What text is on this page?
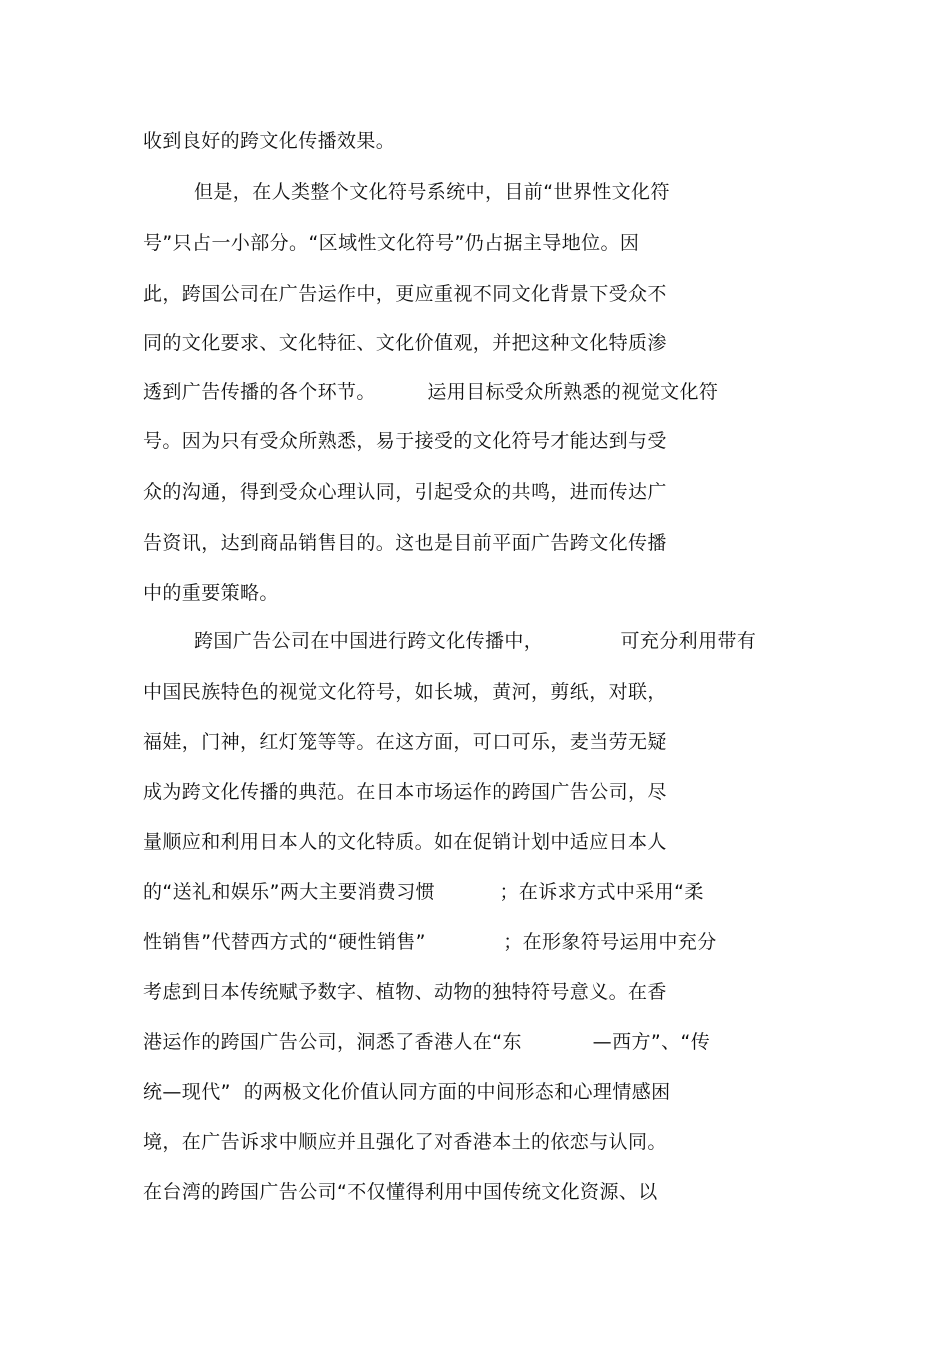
收到良好的跨文化传播效果。
但是，在人类整个文化符号系统中，目前“世界性文化符
号”只占一小部分。“区域性文化符号”仍占据主导地位。因
此，跨国公司在广告运作中，更应重视不同文化背景下受众不
同的文化要求、文化特征、文化价值观，并把这种文化特质渗
透到广告传播的各个环节。        运用目标受众所熟悉的视觉文化符
号。因为只有受众所熟悉，易于接受的文化符号才能达到与受
众的沟通，得到受众心理认同，引起受众的共鸣，进而传达广
告资讯，达到商品销售目的。这也是目前平面广告跨文化传播
中的重要策略。
跨国广告公司在中国进行跨文化传播中，            可充分利用带有
中国民族特色的视觉文化符号，如长城，黄河，剪纸，对联，
福娃，门神，红灯笼等等。在这方面，可口可乐，麦当劳无疑
成为跨文化传播的典范。在日本市场运作的跨国广告公司，尽
量顺应和利用日本人的文化特质。如在促销计划中适应日本人
的“送礼和娱乐”两大主要消费习惯          ；在诉求方式中采用“柔
性销售”代替西方式的“硬性销售”            ；在形象符号运用中充分
考虑到日本传统赋予数字、植物、动物的独特符号意义。在香
港运作的跨国广告公司，洞悉了香港人在“东           —西方”、“传
统—现代”  的两极文化价值认同方面的中间形态和心理情感困
境，在广告诉求中顺应并且强化了对香港本土的依恋与认同。
在台湾的跨国广告公司“不仅懂得利用中国传统文化资源、以
